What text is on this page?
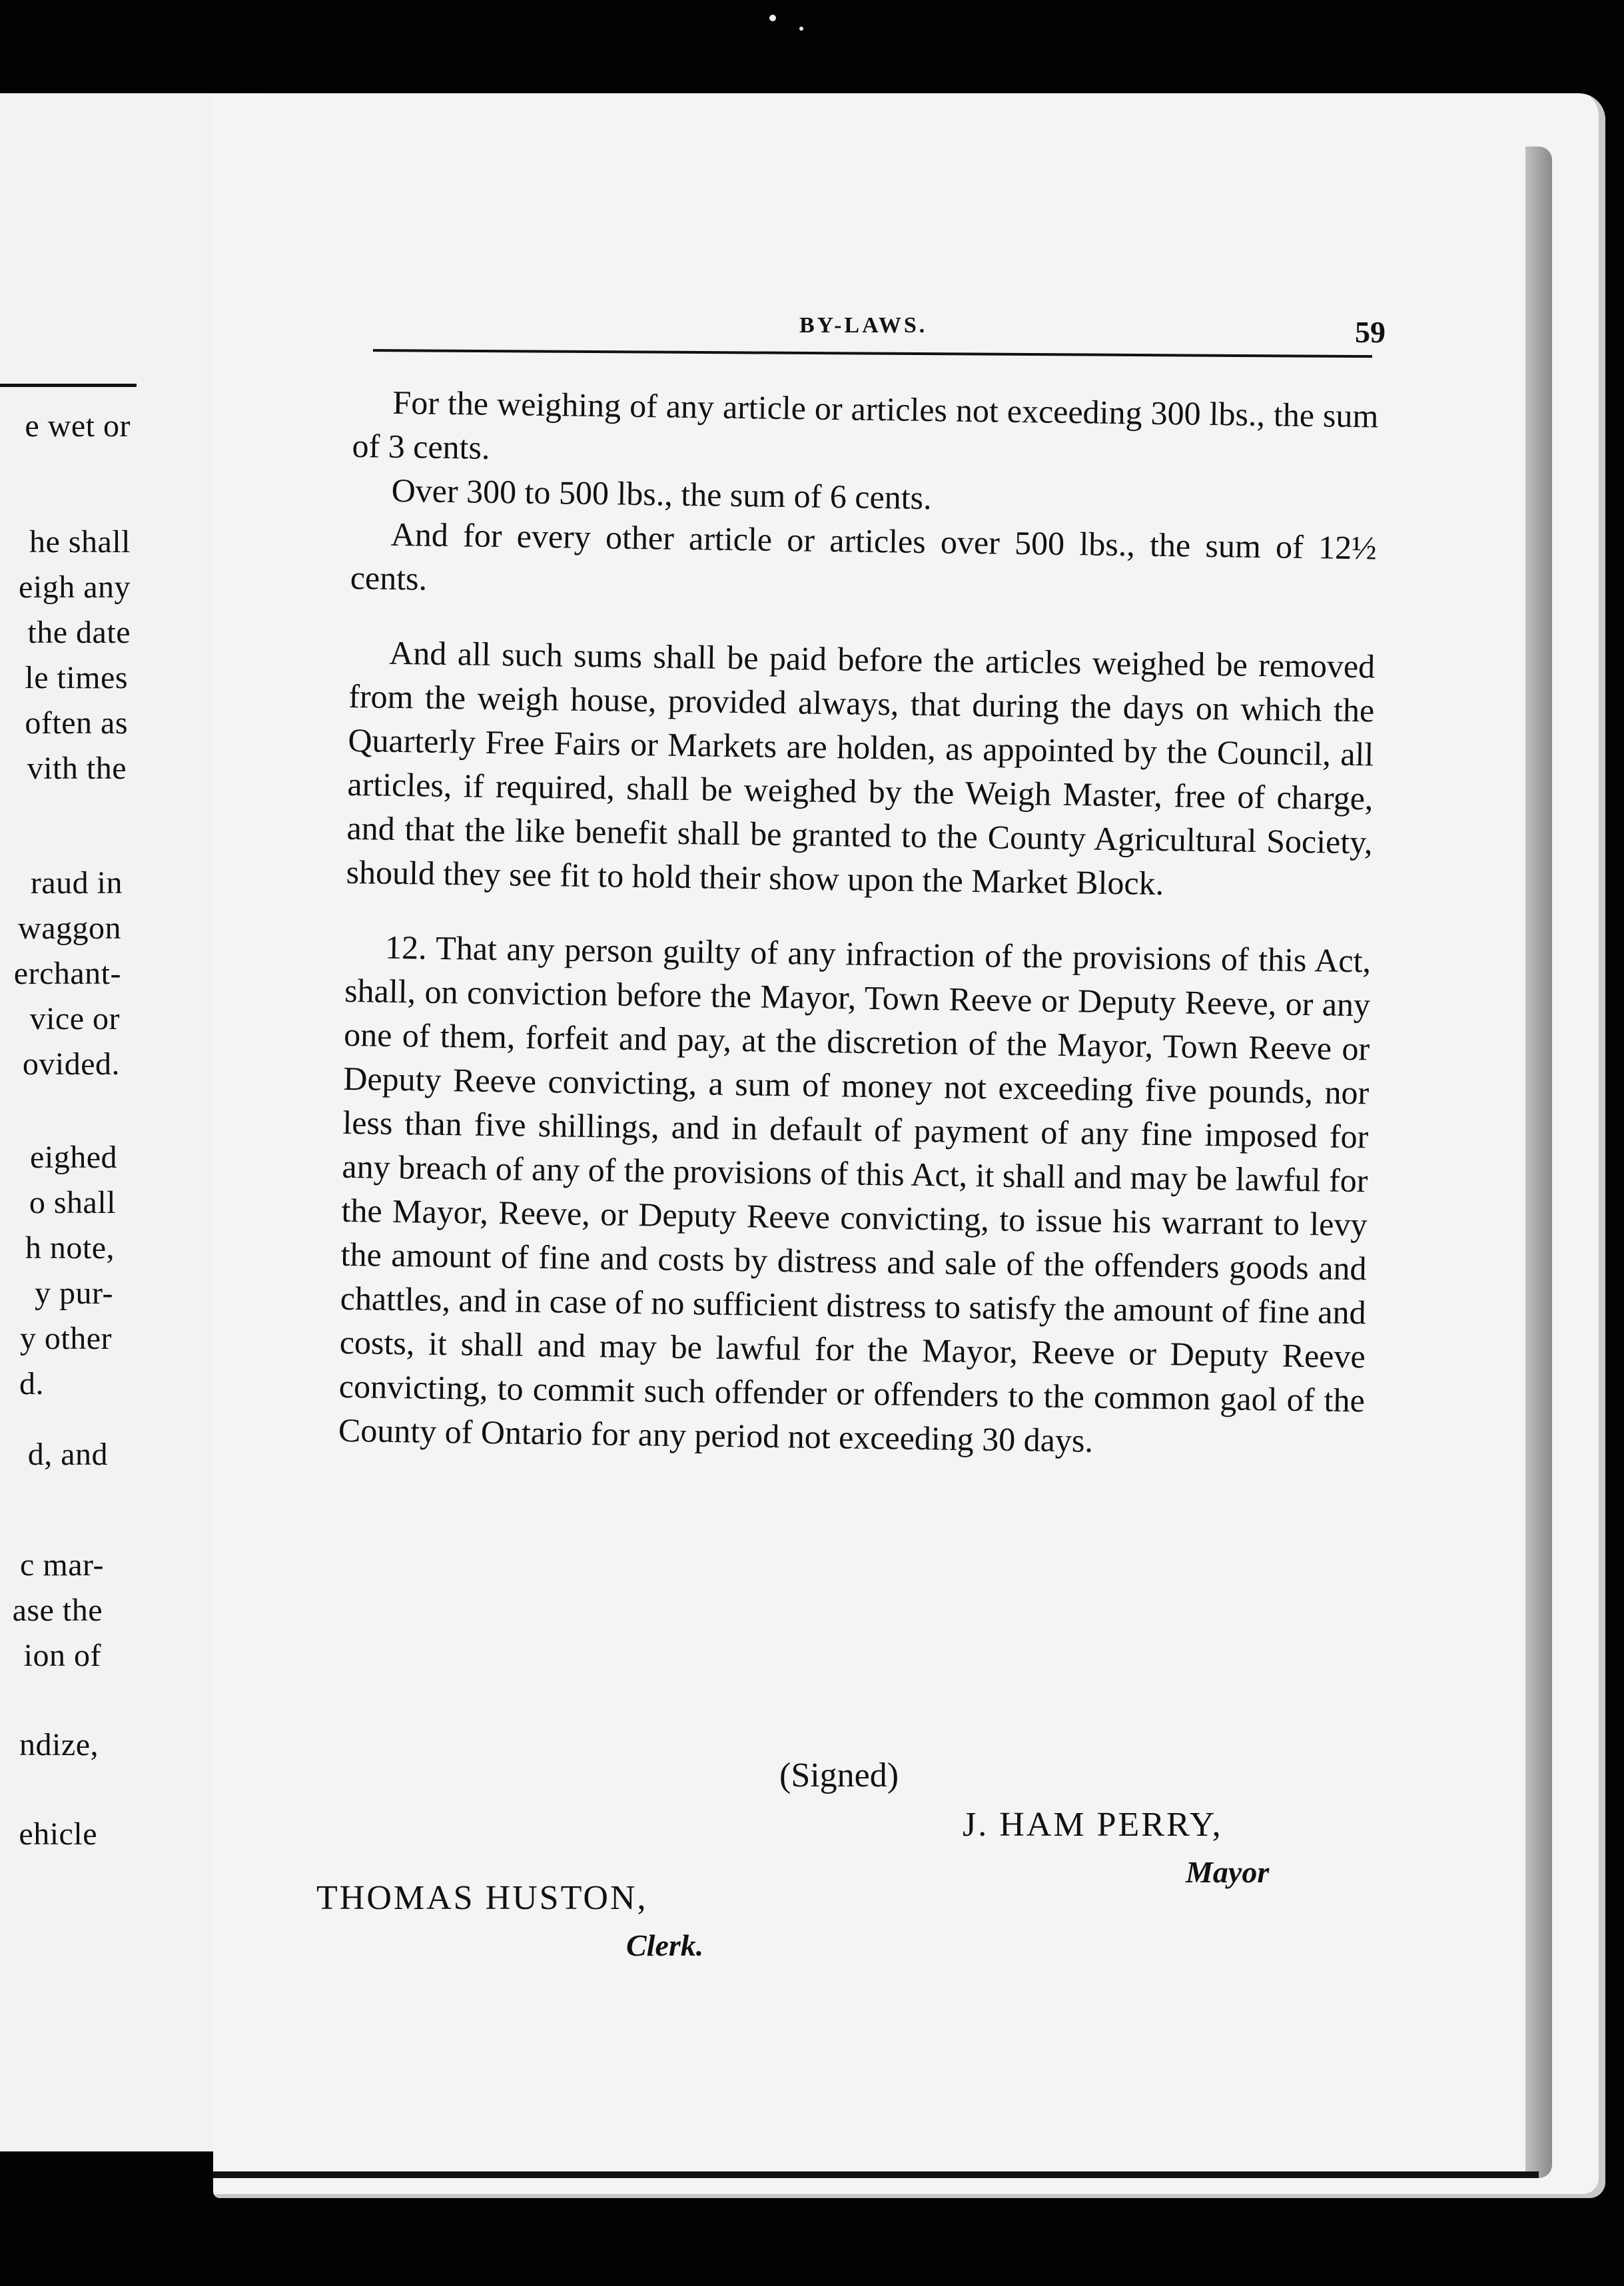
e wet or
he shall
eigh any
the date
le times
often as
vith the
raud in
waggon
erchant-
vice or
ovided.
eighed
o shall
h note,
y pur-
y other
d.
d, and
c mar-
ase the
ion of
ndize,
ehicle
BY-LAWS.	59

For the weighing of any article or articles not exceeding 300 lbs., the sum of 3 cents.

Over 300 to 500 lbs., the sum of 6 cents.

And for every other article or articles over 500 lbs., the sum of 12½ cents.

And all such sums shall be paid before the articles weighed be removed from the weigh house, provided always, that during the days on which the Quarterly Free Fairs or Markets are holden, as appointed by the Council, all articles, if required, shall be weighed by the Weigh Master, free of charge, and that the like benefit shall be granted to the County Agricultural Society, should they see fit to hold their show upon the Market Block.

12. That any person guilty of any infraction of the provisions of this Act, shall, on conviction before the Mayor, Town Reeve or Deputy Reeve, or any one of them, forfeit and pay, at the discretion of the Mayor, Town Reeve or Deputy Reeve convicting, a sum of money not exceeding five pounds, nor less than five shillings, and in default of payment of any fine imposed for any breach of any of the provisions of this Act, it shall and may be lawful for the Mayor, Reeve, or Deputy Reeve convicting, to issue his warrant to levy the amount of fine and costs by distress and sale of the offenders goods and chattles, and in case of no sufficient distress to satisfy the amount of fine and costs, it shall and may be lawful for the Mayor, Reeve or Deputy Reeve convicting, to commit such offender or offenders to the common gaol of the County of Ontario for any period not exceeding 30 days.

(Signed)
J. HAM PERRY,
Mayor
THOMAS HUSTON,
Clerk.
